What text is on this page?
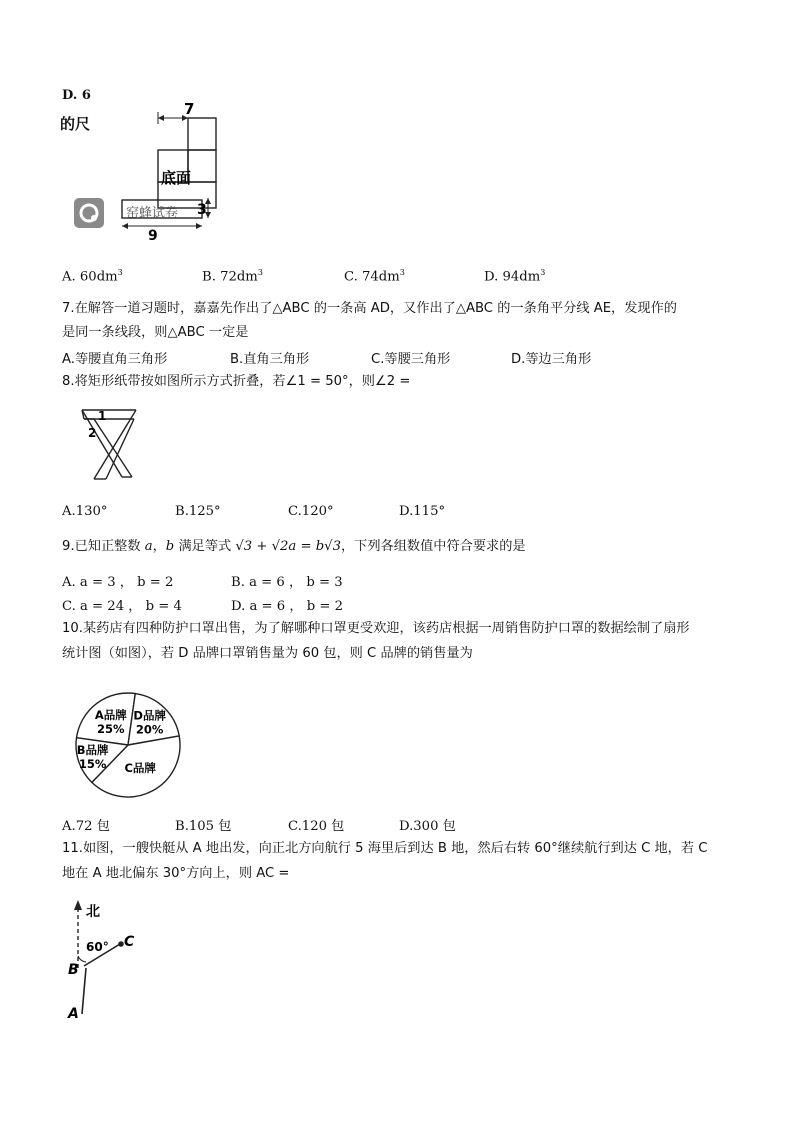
D. 6
的尺
7
9
3
底面
窑蜂试卷
A. $60dm^3$	B. $72dm^3$	C. $74dm^3$	D. $94dm^3$
7.在解答一道习题时，嘉嘉先作出了△ABC 的一条高 AD，又作出了△ABC 的一条角平分线 AE，发现作的
是同一条线段，则△ABC 一定是
A.等腰直角三角形	B.直角三角形	C.等腰三角形	D.等边三角形
8.将矩形纸带按如图所示方式折叠，若∠1 = 50°，则∠2 =
1
2
A.130°	B.125°	C.120°	D.115°
9.已知正整数 a，b 满足等式 √3 + √2a = b√3，下列各组数值中符合要求的是
A. a = 3 ， b = 2	B. a = 6 ， b = 3
C. a = 24 ， b = 4	D. a = 6 ， b = 2
10.某药店有四种防护口罩出售，为了解哪种口罩更受欢迎，该药店根据一周销售防护口罩的数据绘制了扇形
统计图（如图），若 D 品牌口罩销售量为 60 包，则 C 品牌的销售量为
A品牌
25%
D品牌
20%
C品牌
B品牌
15%
A.72 包	B.105 包	C.120 包	D.300 包
11.如图，一艘快艇从 A 地出发，向正北方向航行 5 海里后到达 B 地，然后右转 60°继续航行到达 C 地，若 C
地在 A 地北偏东 30°方向上，则 AC =
北
60° C
B
A
